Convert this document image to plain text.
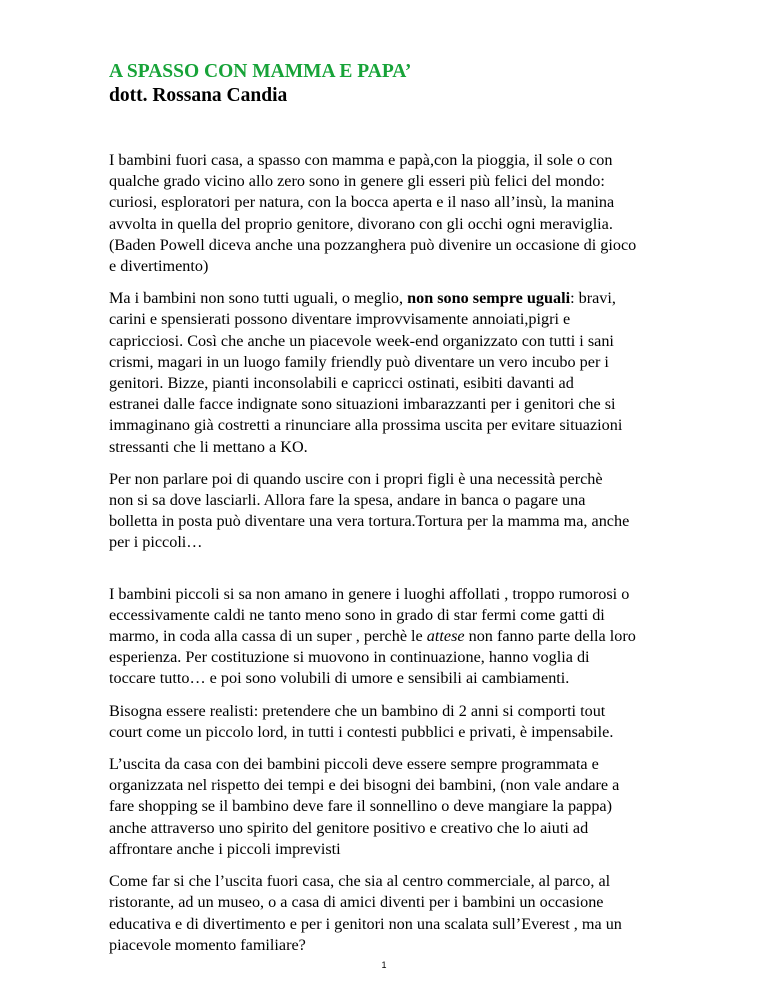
A SPASSO CON MAMMA E PAPA’
dott. Rossana Candia

I bambini fuori casa, a spasso con mamma e papà,con la pioggia, il sole o con
qualche grado vicino allo zero sono in genere gli esseri più felici del mondo:
curiosi, esploratori per natura, con la bocca aperta e il naso all’insù, la manina
avvolta in quella del proprio genitore, divorano con gli occhi ogni meraviglia.
(Baden Powell diceva anche una pozzanghera può divenire un occasione di gioco
e divertimento)

Ma i bambini non sono tutti uguali, o meglio, non sono sempre uguali: bravi,
carini e spensierati possono diventare improvvisamente annoiati,pigri e
capricciosi. Così che anche un piacevole week-end organizzato con tutti i sani
crismi, magari in un luogo family friendly può diventare un vero incubo per i
genitori. Bizze, pianti inconsolabili e capricci ostinati, esibiti davanti ad
estranei dalle facce indignate sono situazioni imbarazzanti per i genitori che si
immaginano già costretti a rinunciare alla prossima uscita per evitare situazioni
stressanti che li mettano a KO.

Per non parlare poi di quando uscire con i propri figli è una necessità perchè
non si sa dove lasciarli. Allora fare la spesa, andare in banca o pagare una
bolletta in posta può diventare una vera tortura.Tortura per la mamma ma, anche
per i piccoli…

I bambini piccoli si sa non amano in genere i luoghi affollati , troppo rumorosi o
eccessivamente caldi ne tanto meno sono in grado di star fermi come gatti di
marmo, in coda alla cassa di un super , perchè le attese non fanno parte della loro
esperienza. Per costituzione si muovono in continuazione, hanno voglia di
toccare tutto… e poi sono volubili di umore e sensibili ai cambiamenti.

Bisogna essere realisti: pretendere che un bambino di 2 anni si comporti tout
court come un piccolo lord, in tutti i contesti pubblici e privati, è impensabile.

L’uscita da casa con dei bambini piccoli deve essere sempre programmata e
organizzata nel rispetto dei tempi e dei bisogni dei bambini, (non vale andare a
fare shopping se il bambino deve fare il sonnellino o deve mangiare la pappa)
anche attraverso uno spirito del genitore positivo e creativo che lo aiuti ad
affrontare anche i piccoli imprevisti

Come far si che l’uscita fuori casa, che sia al centro commerciale, al parco, al
ristorante, ad un museo, o a casa di amici diventi per i bambini un occasione
educativa e di divertimento e per i genitori non una scalata sull’Everest , ma un
piacevole momento familiare?

1
